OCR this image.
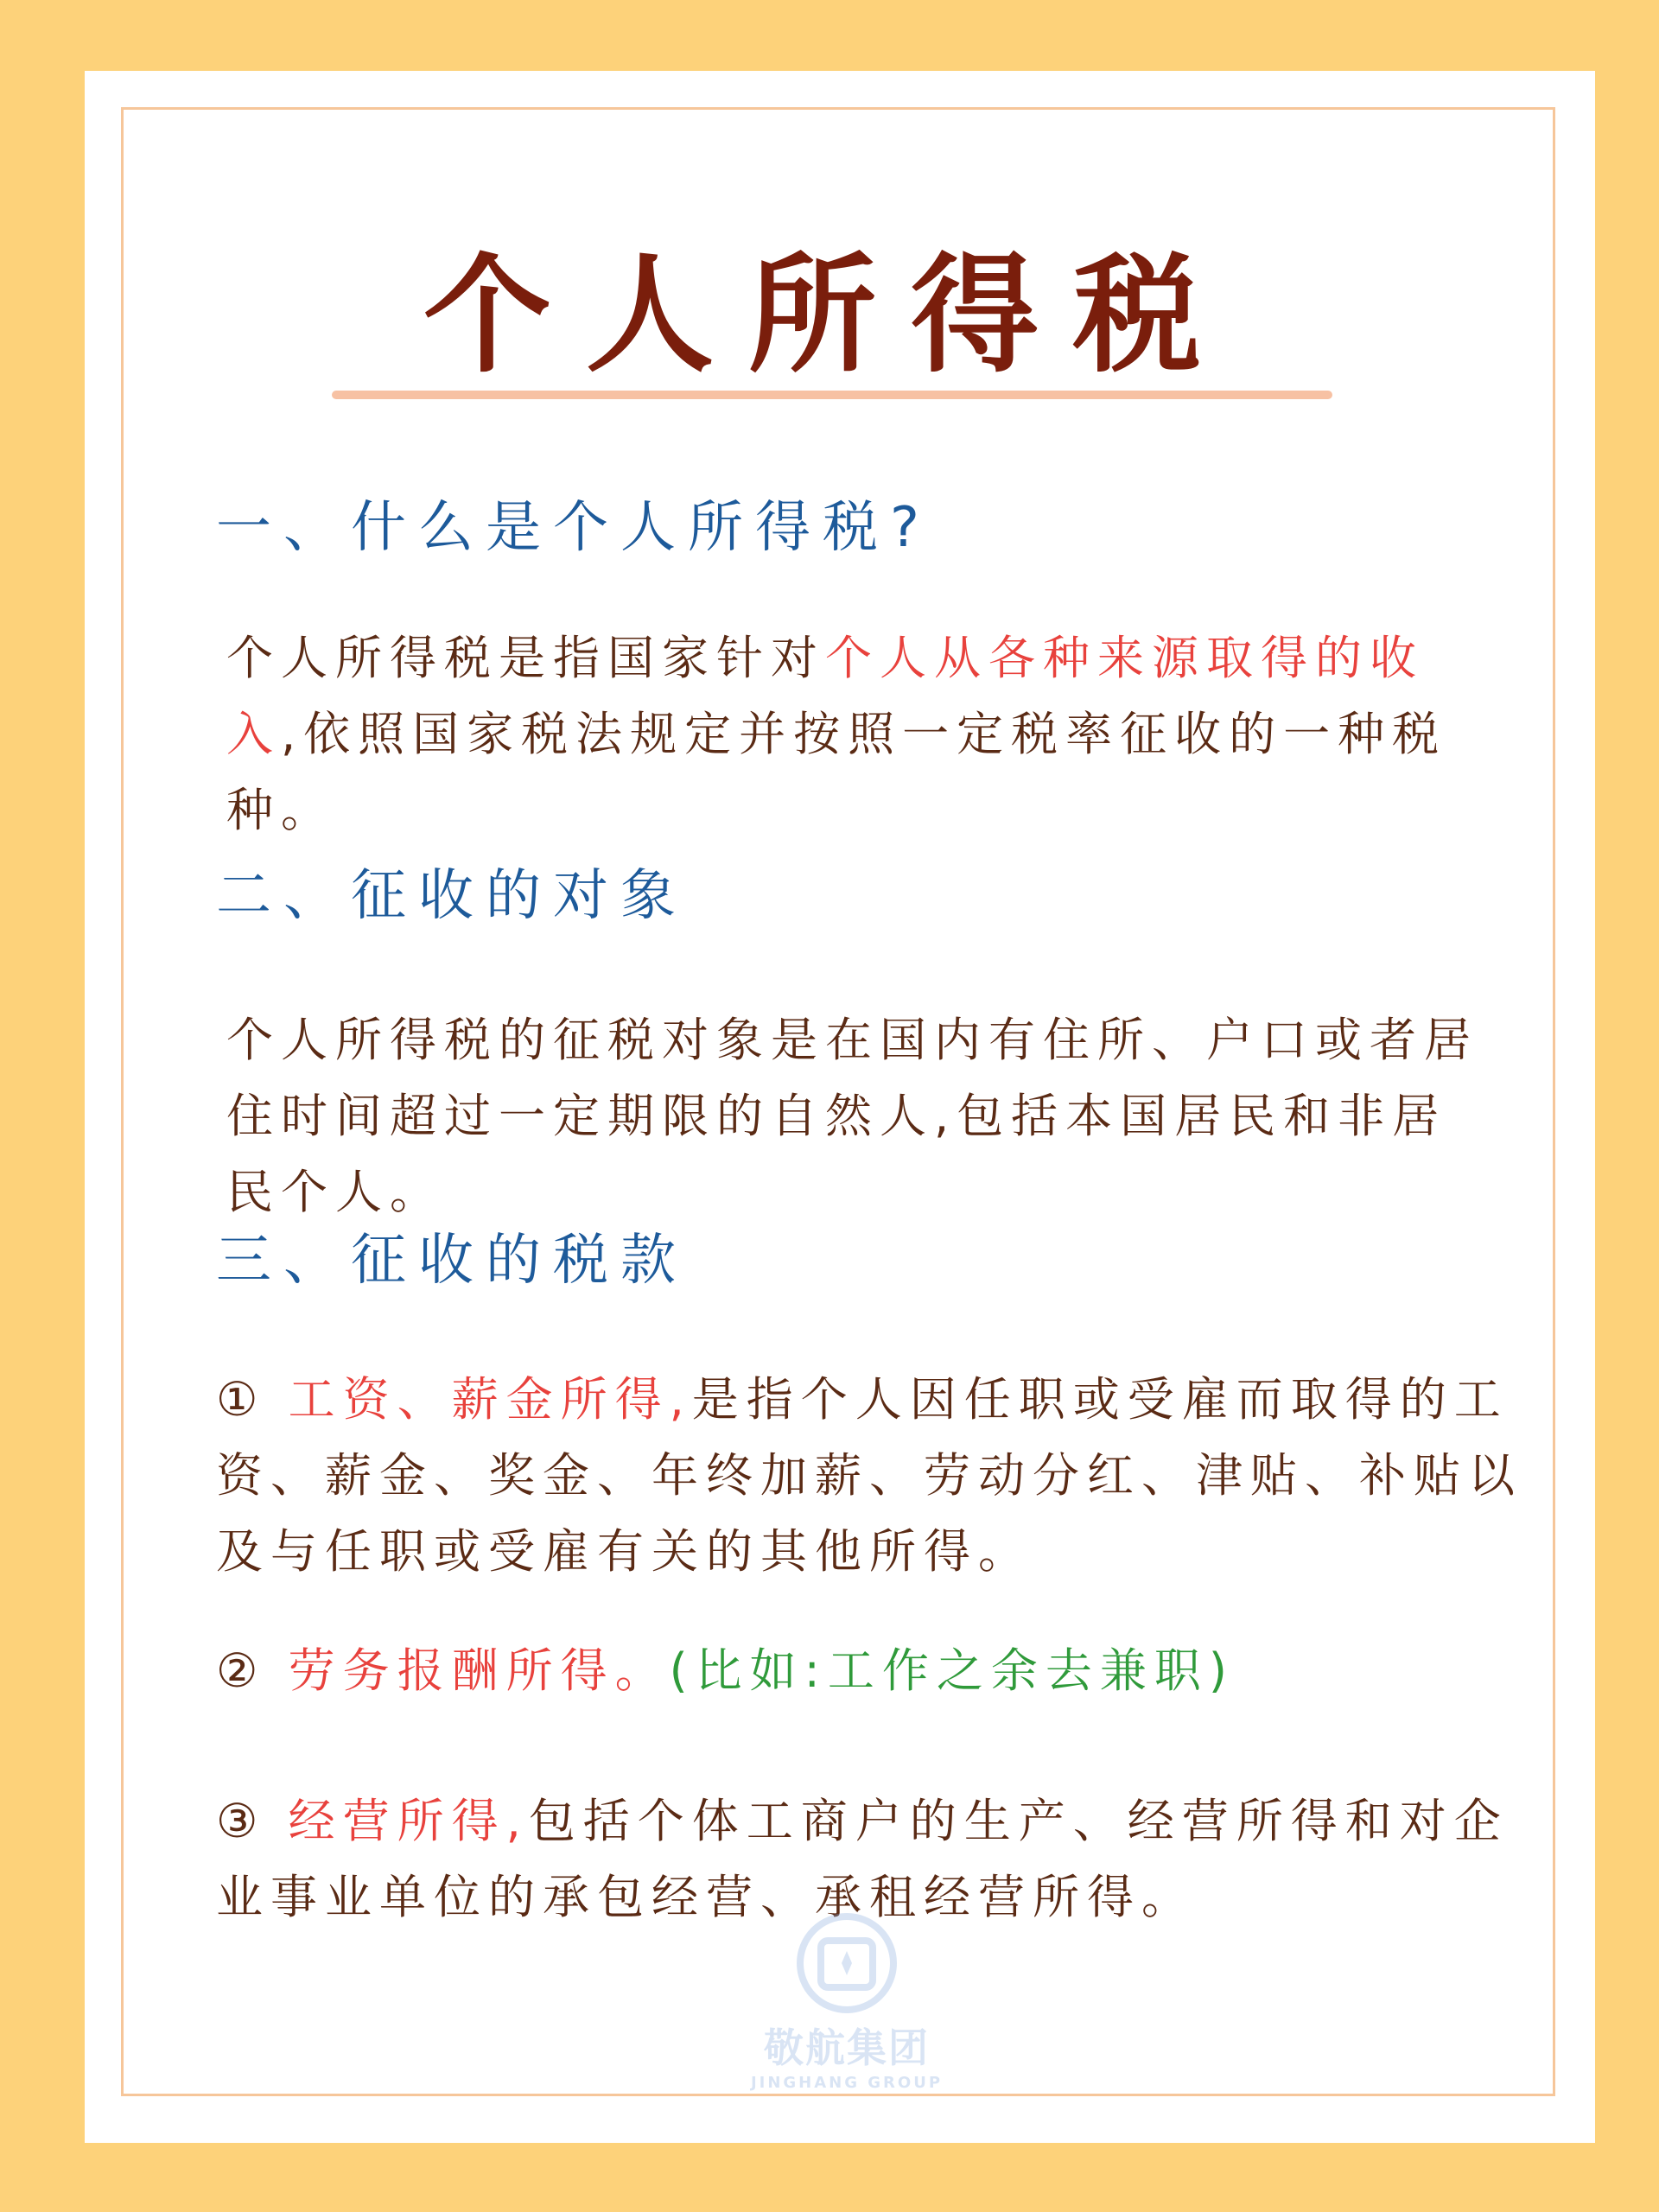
个人所得税
一、什么是个人所得税?
个人所得税是指国家针对个人从各种来源取得的收入,依照国家税法规定并按照一定税率征收的一种税种。
二、征收的对象
个人所得税的征税对象是在国内有住所、户口或者居住时间超过一定期限的自然人,包括本国居民和非居民个人。
三、征收的税款
① 工资、薪金所得,是指个人因任职或受雇而取得的工资、薪金、奖金、年终加薪、劳动分红、津贴、补贴以及与任职或受雇有关的其他所得。
② 劳务报酬所得。(比如:工作之余去兼职)
③ 经营所得,包括个体工商户的生产、经营所得和对企业事业单位的承包经营、承租经营所得。
敬航集团
JINGHANG GROUP
